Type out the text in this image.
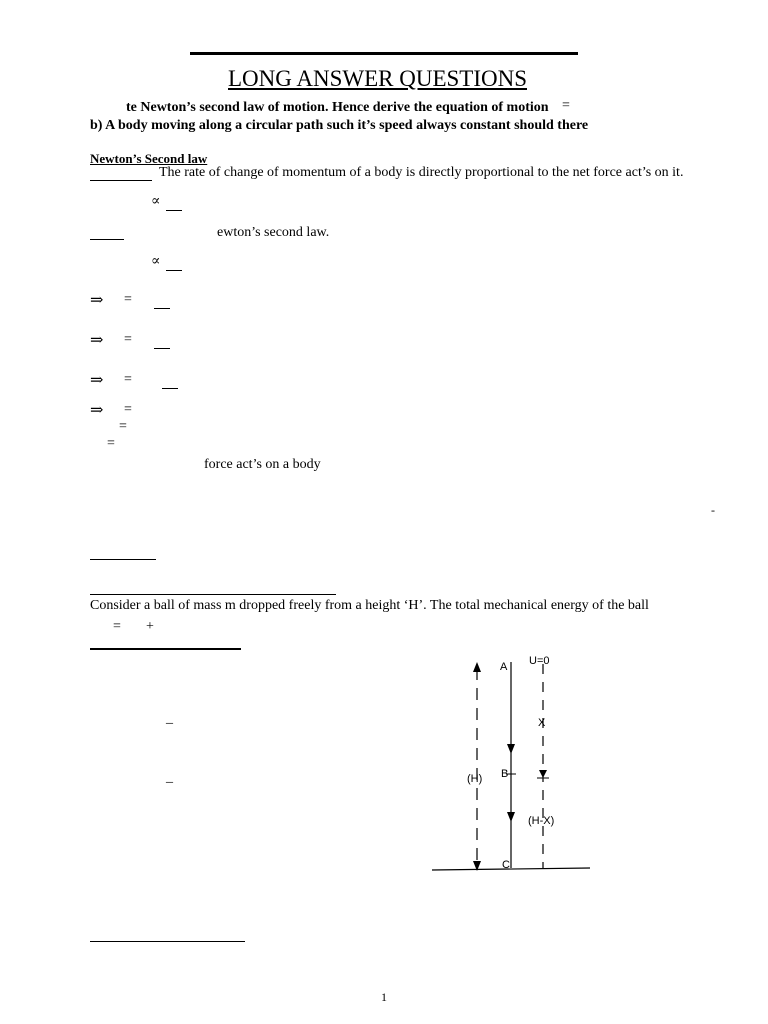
LONG ANSWER QUESTIONS
te Newton’s second law of motion. Hence derive the equation of motion =
b) A body moving along a circular path such it’s speed always constant should there
Newton’s Second law
The rate of change of momentum of a body is directly proportional to the net force act’s on it.
∝
ewton’s second law.
∝
⇒ =
⇒ =
⇒ =
⇒ =
=
=
force act’s on a body
-
Consider a ball of mass m dropped freely from a height ‘H’. The total mechanical energy of the ball
= +
_
_
A U=0
X
B
(H)
(H-X)
C
1
